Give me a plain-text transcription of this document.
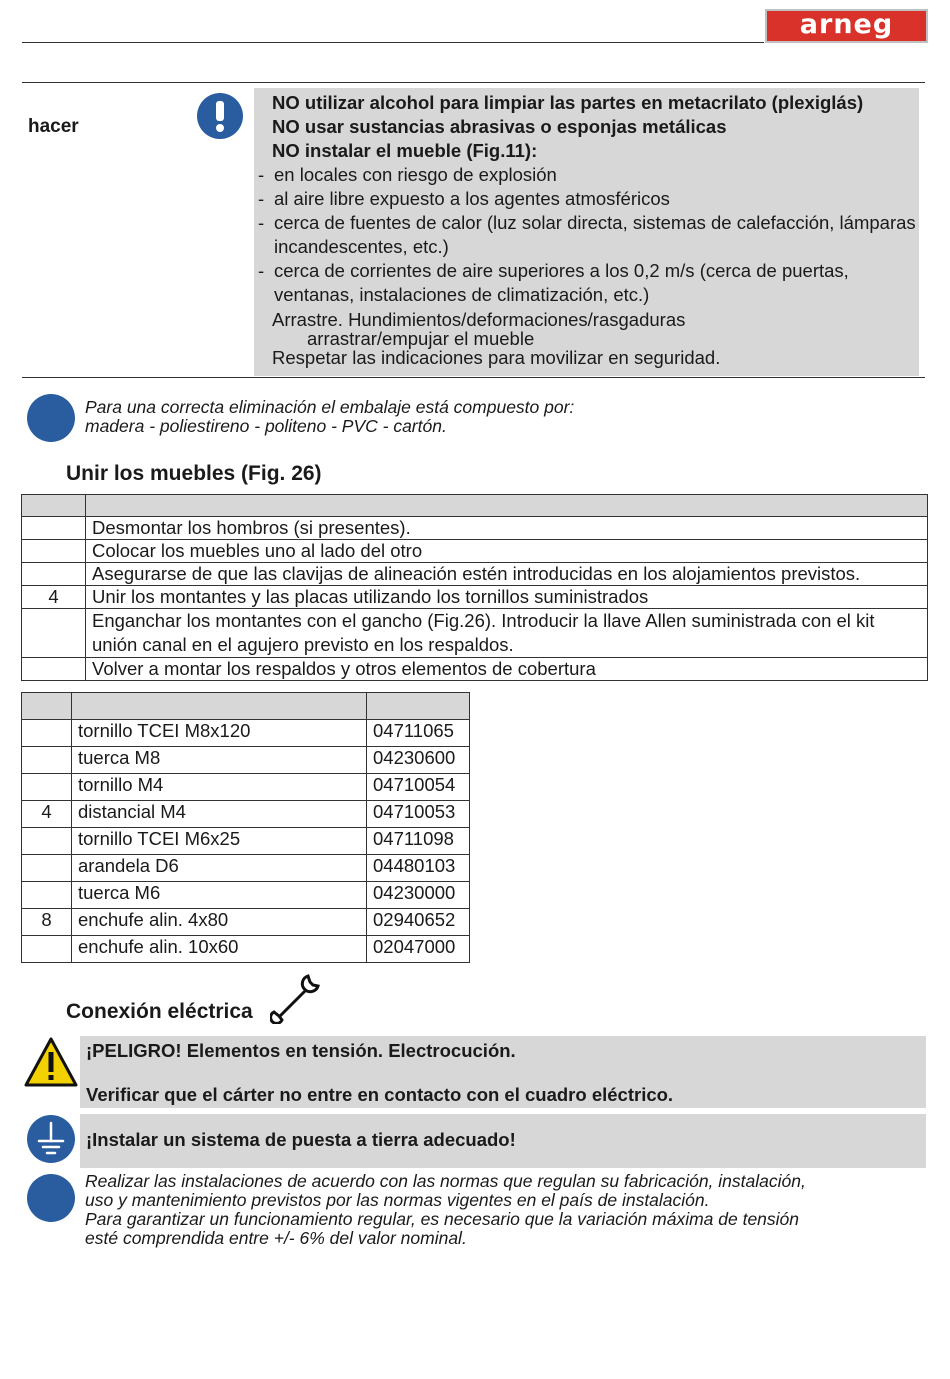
arneg
hacer
NO utilizar alcohol para limpiar las partes en metacrilato (plexiglás)
NO usar sustancias abrasivas o esponjas metálicas
NO instalar el mueble (Fig.11):
- en locales con riesgo de explosión
- al aire libre expuesto a los agentes atmosféricos
- cerca de fuentes de calor (luz solar directa, sistemas de calefacción, lámparas incandescentes, etc.)
- cerca de corrientes de aire superiores a los 0,2 m/s (cerca de puertas, ventanas, instalaciones de climatización, etc.)
Arrastre. Hundimientos/deformaciones/rasgaduras
arrastrar/empujar el mueble
Respetar las indicaciones para movilizar en seguridad.
Para una correcta eliminación el embalaje está compuesto por:
madera - poliestireno - politeno - PVC - cartón.
Unir los muebles (Fig. 26)

	Desmontar los hombros (si presentes).
	Colocar los muebles uno al lado del otro
	Asegurarse de que las clavijas de alineación estén introducidas en los alojamientos previstos.
4	Unir los montantes y las placas utilizando los tornillos suministrados
	Enganchar los montantes con el gancho (Fig.26). Introducir la llave Allen suministrada con el kit unión canal en el agujero previsto en los respaldos.
	Volver a montar los respaldos y otros elementos de cobertura

	tornillo TCEI M8x120	04711065
	tuerca M8	04230600
	tornillo M4	04710054
4	distancial M4	04710053
	tornillo TCEI M6x25	04711098
	arandela D6	04480103
	tuerca M6	04230000
8	enchufe alin. 4x80	02940652
	enchufe alin. 10x60	02047000
Conexión eléctrica
¡PELIGRO! Elementos en tensión. Electrocución.
Verificar que el cárter no entre en contacto con el cuadro eléctrico.
¡Instalar un sistema de puesta a tierra adecuado!
Realizar las instalaciones de acuerdo con las normas que regulan su fabricación, instalación,
uso y mantenimiento previstos por las normas vigentes en el país de instalación.
Para garantizar un funcionamiento regular, es necesario que la variación máxima de tensión
esté comprendida entre +/- 6% del valor nominal.
